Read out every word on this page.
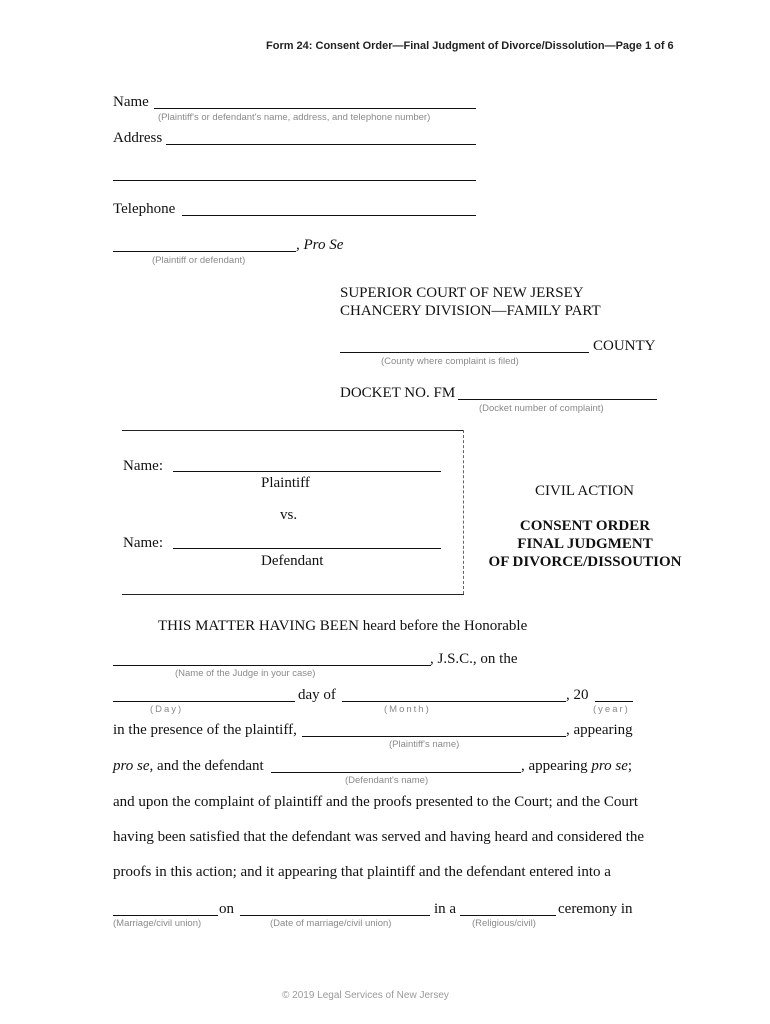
Form 24: Consent Order—Final Judgment of Divorce/Dissolution—Page 1 of 6
Name
(Plaintiff's or defendant's name, address, and telephone number)
Address
Telephone
, Pro Se
(Plaintiff or defendant)
SUPERIOR COURT OF NEW JERSEY
CHANCERY DIVISION—FAMILY PART
COUNTY
(County where complaint is filed)
DOCKET NO. FM
(Docket number of complaint)
Name:
Plaintiff
vs.
Name:
Defendant
CIVIL ACTION
CONSENT ORDER
FINAL JUDGMENT
OF DIVORCE/DISSOUTION
THIS MATTER HAVING BEEN heard before the Honorable
, J.S.C., on the
(Name of the Judge in your case)
day of	, 20
(Day)	(Month)	(year)
in the presence of the plaintiff,	, appearing
(Plaintiff's name)
pro se, and the defendant	, appearing pro se;
(Defendant's name)
and upon the complaint of plaintiff and the proofs presented to the Court; and the Court
having been satisfied that the defendant was served and having heard and considered the
proofs in this action; and it appearing that plaintiff and the defendant entered into a
on	in a	ceremony in
(Marriage/civil union)	(Date of marriage/civil union)	(Religious/civil)
© 2019 Legal Services of New Jersey
